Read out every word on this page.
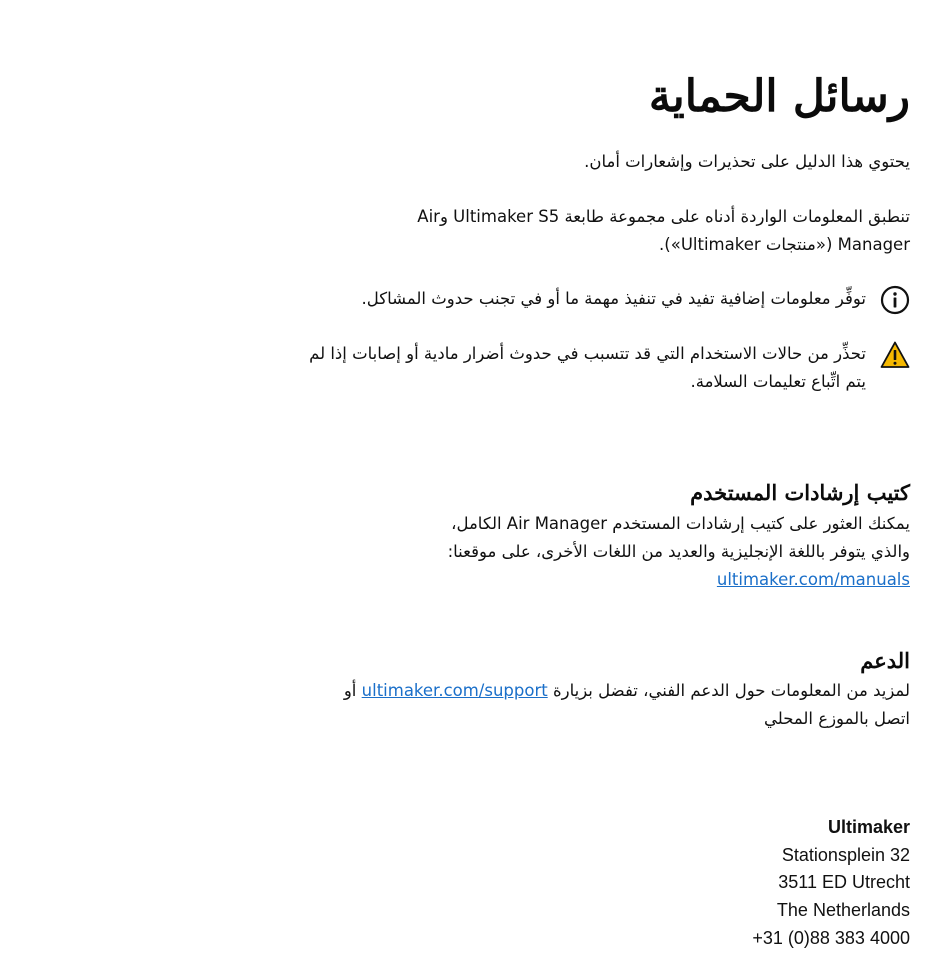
رسائل الحماية

يحتوي هذا الدليل على تحذيرات وإشعارات أمان.

تنطبق المعلومات الواردة أدناه على مجموعة طابعة Ultimaker S5 وAir Manager («منتجات Ultimaker»).

توفِّر معلومات إضافية تفيد في تنفيذ مهمة ما أو في تجنب حدوث المشاكل.

تحذِّر من حالات الاستخدام التي قد تتسبب في حدوث أضرار مادية أو إصابات إذا لم يتم اتِّباع تعليمات السلامة.

كتيب إرشادات المستخدم
يمكنك العثور على كتيب إرشادات المستخدم Air Manager الكامل،
والذي يتوفر باللغة الإنجليزية والعديد من اللغات الأخرى، على موقعنا:
ultimaker.com/manuals
الدعم
لمزيد من المعلومات حول الدعم الفني، تفضل بزيارة ultimaker.com/support أو
اتصل بالموزع المحلي
Ultimaker
Stationsplein 32
3511 ED Utrecht
The Netherlands
+31 (0)88 383 4000
